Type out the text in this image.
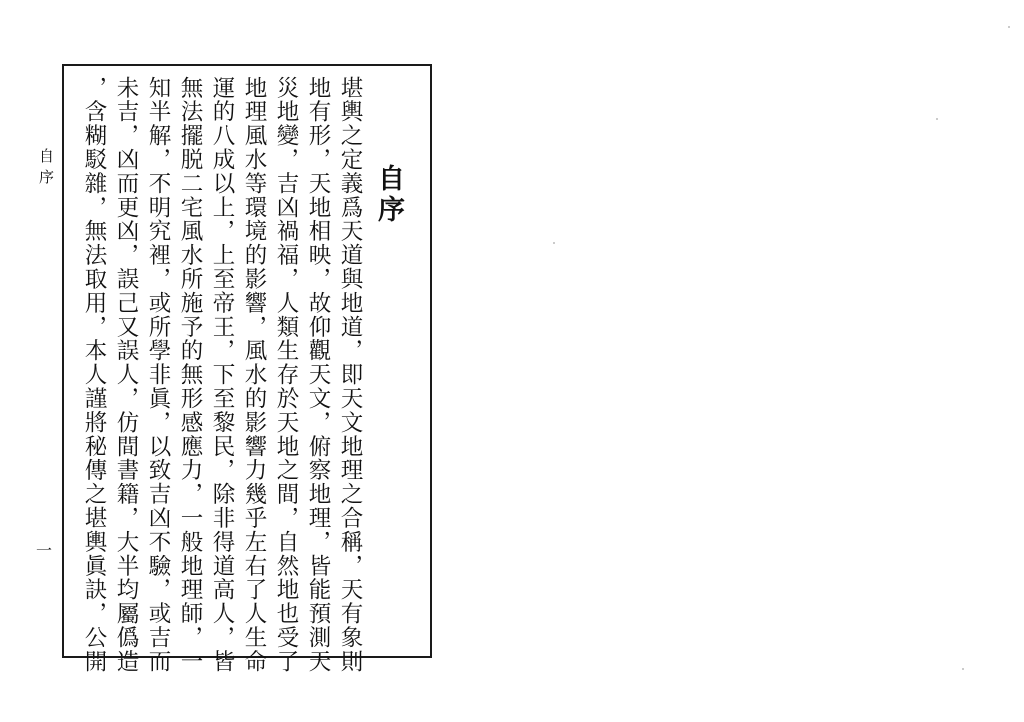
自序
一
自序
堪輿之定義爲天道與地道，即天文地理之合稱，天有象則
地有形，天地相映，故仰觀天文，俯察地理，皆能預測天
災地變，吉凶禍福，人類生存於天地之間，自然地也受了
地理風水等環境的影響，風水的影響力幾乎左右了人生命
運的八成以上，上至帝王，下至黎民，除非得道高人，皆
無法擺脱二宅風水所施予的無形感應力，一般地理師，一
知半解，不明究裡，或所學非眞，以致吉凶不驗，或吉而
未吉，凶而更凶，誤己又誤人，仿間書籍，大半均屬僞造
，含糊駁雜，無法取用，本人謹將秘傳之堪輿眞訣，公開
